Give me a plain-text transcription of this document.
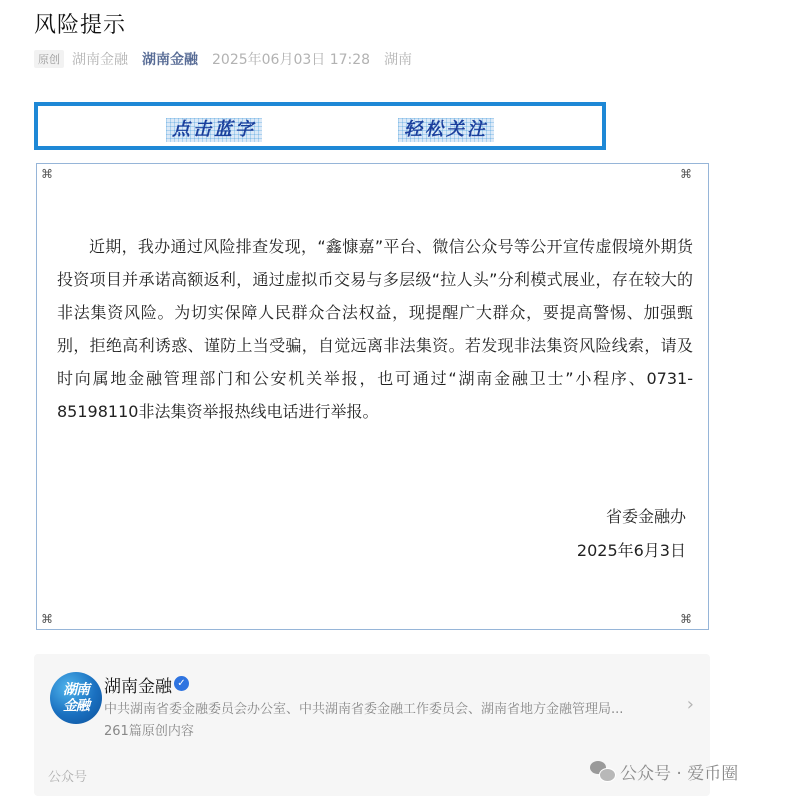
风险提示
原创 湖南金融 湖南金融 2025年06月03日 17:28 湖南
点击蓝字	轻松关注
⌘	⌘
⌘	⌘

近期，我办通过风险排查发现，“鑫慷嘉”平台、微信公众号等公开宣传虚假境外期货投资项目并承诺高额返利，通过虚拟币交易与多层级“拉人头”分利模式展业，存在较大的非法集资风险。为切实保障人民群众合法权益，现提醒广大群众，要提高警惕、加强甄别，拒绝高利诱惑、谨防上当受骗，自觉远离非法集资。若发现非法集资风险线索，请及时向属地金融管理部门和公安机关举报，也可通过“湖南金融卫士”小程序、0731-85198110非法集资举报热线电话进行举报。

省委金融办

2025年6月3日

湖南
金融
湖南金融 ✓
中共湖南省委金融委员会办公室、中共湖南省委金融工作委员会、湖南省地方金融管理局...
261篇原创内容
›
公众号	公众号 · 爱币圈
